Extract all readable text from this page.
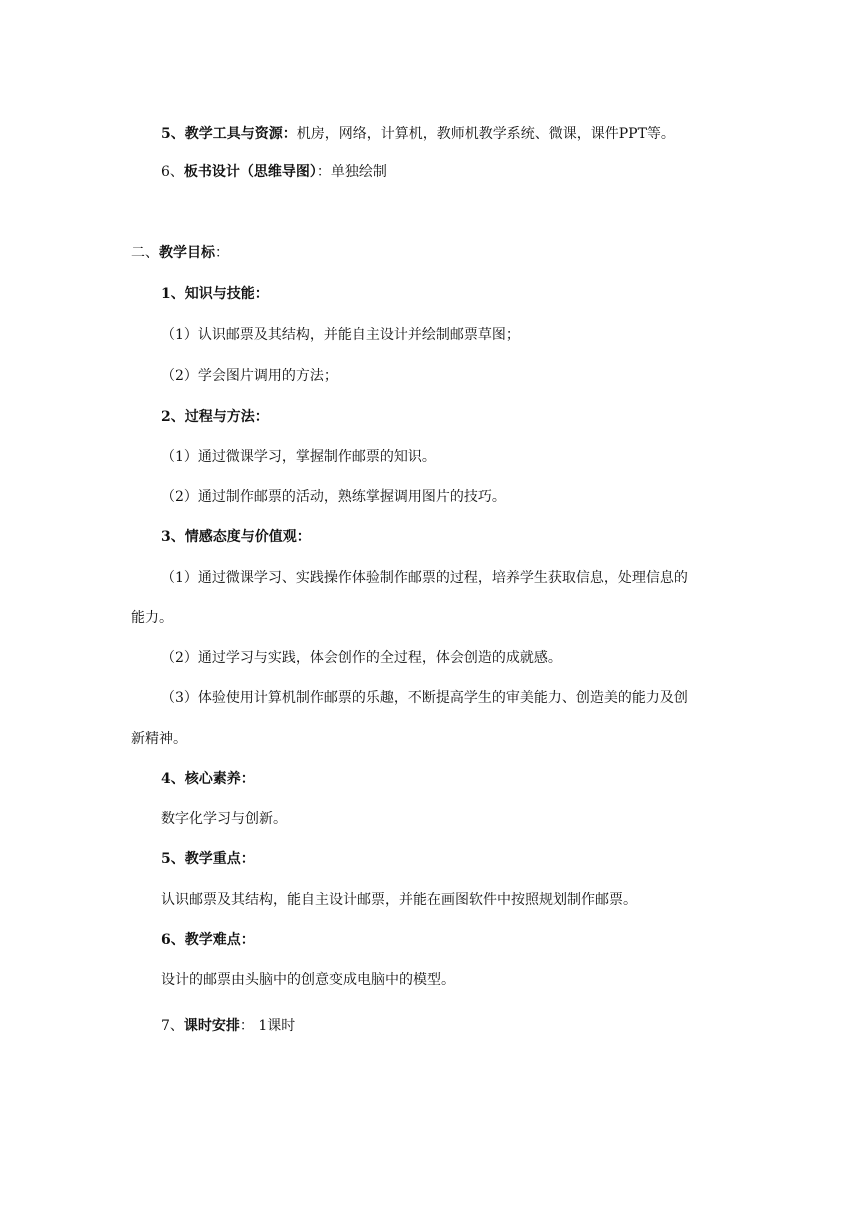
5、教学工具与资源：机房，网络，计算机，教师机教学系统、微课，课件PPT等。
6、板书设计（思维导图）：单独绘制
二、教学目标：
1、知识与技能：
（1）认识邮票及其结构，并能自主设计并绘制邮票草图；
（2）学会图片调用的方法；
2、过程与方法：
（1）通过微课学习，掌握制作邮票的知识。
（2）通过制作邮票的活动，熟练掌握调用图片的技巧。
3、情感态度与价值观：
（1）通过微课学习、实践操作体验制作邮票的过程，培养学生获取信息，处理信息的
能力。
（2）通过学习与实践，体会创作的全过程，体会创造的成就感。
（3）体验使用计算机制作邮票的乐趣，不断提高学生的审美能力、创造美的能力及创
新精神。
4、核心素养：
数字化学习与创新。
5、教学重点：
认识邮票及其结构，能自主设计邮票，并能在画图软件中按照规划制作邮票。
6、教学难点：
设计的邮票由头脑中的创意变成电脑中的模型。
7、课时安排： 1课时
